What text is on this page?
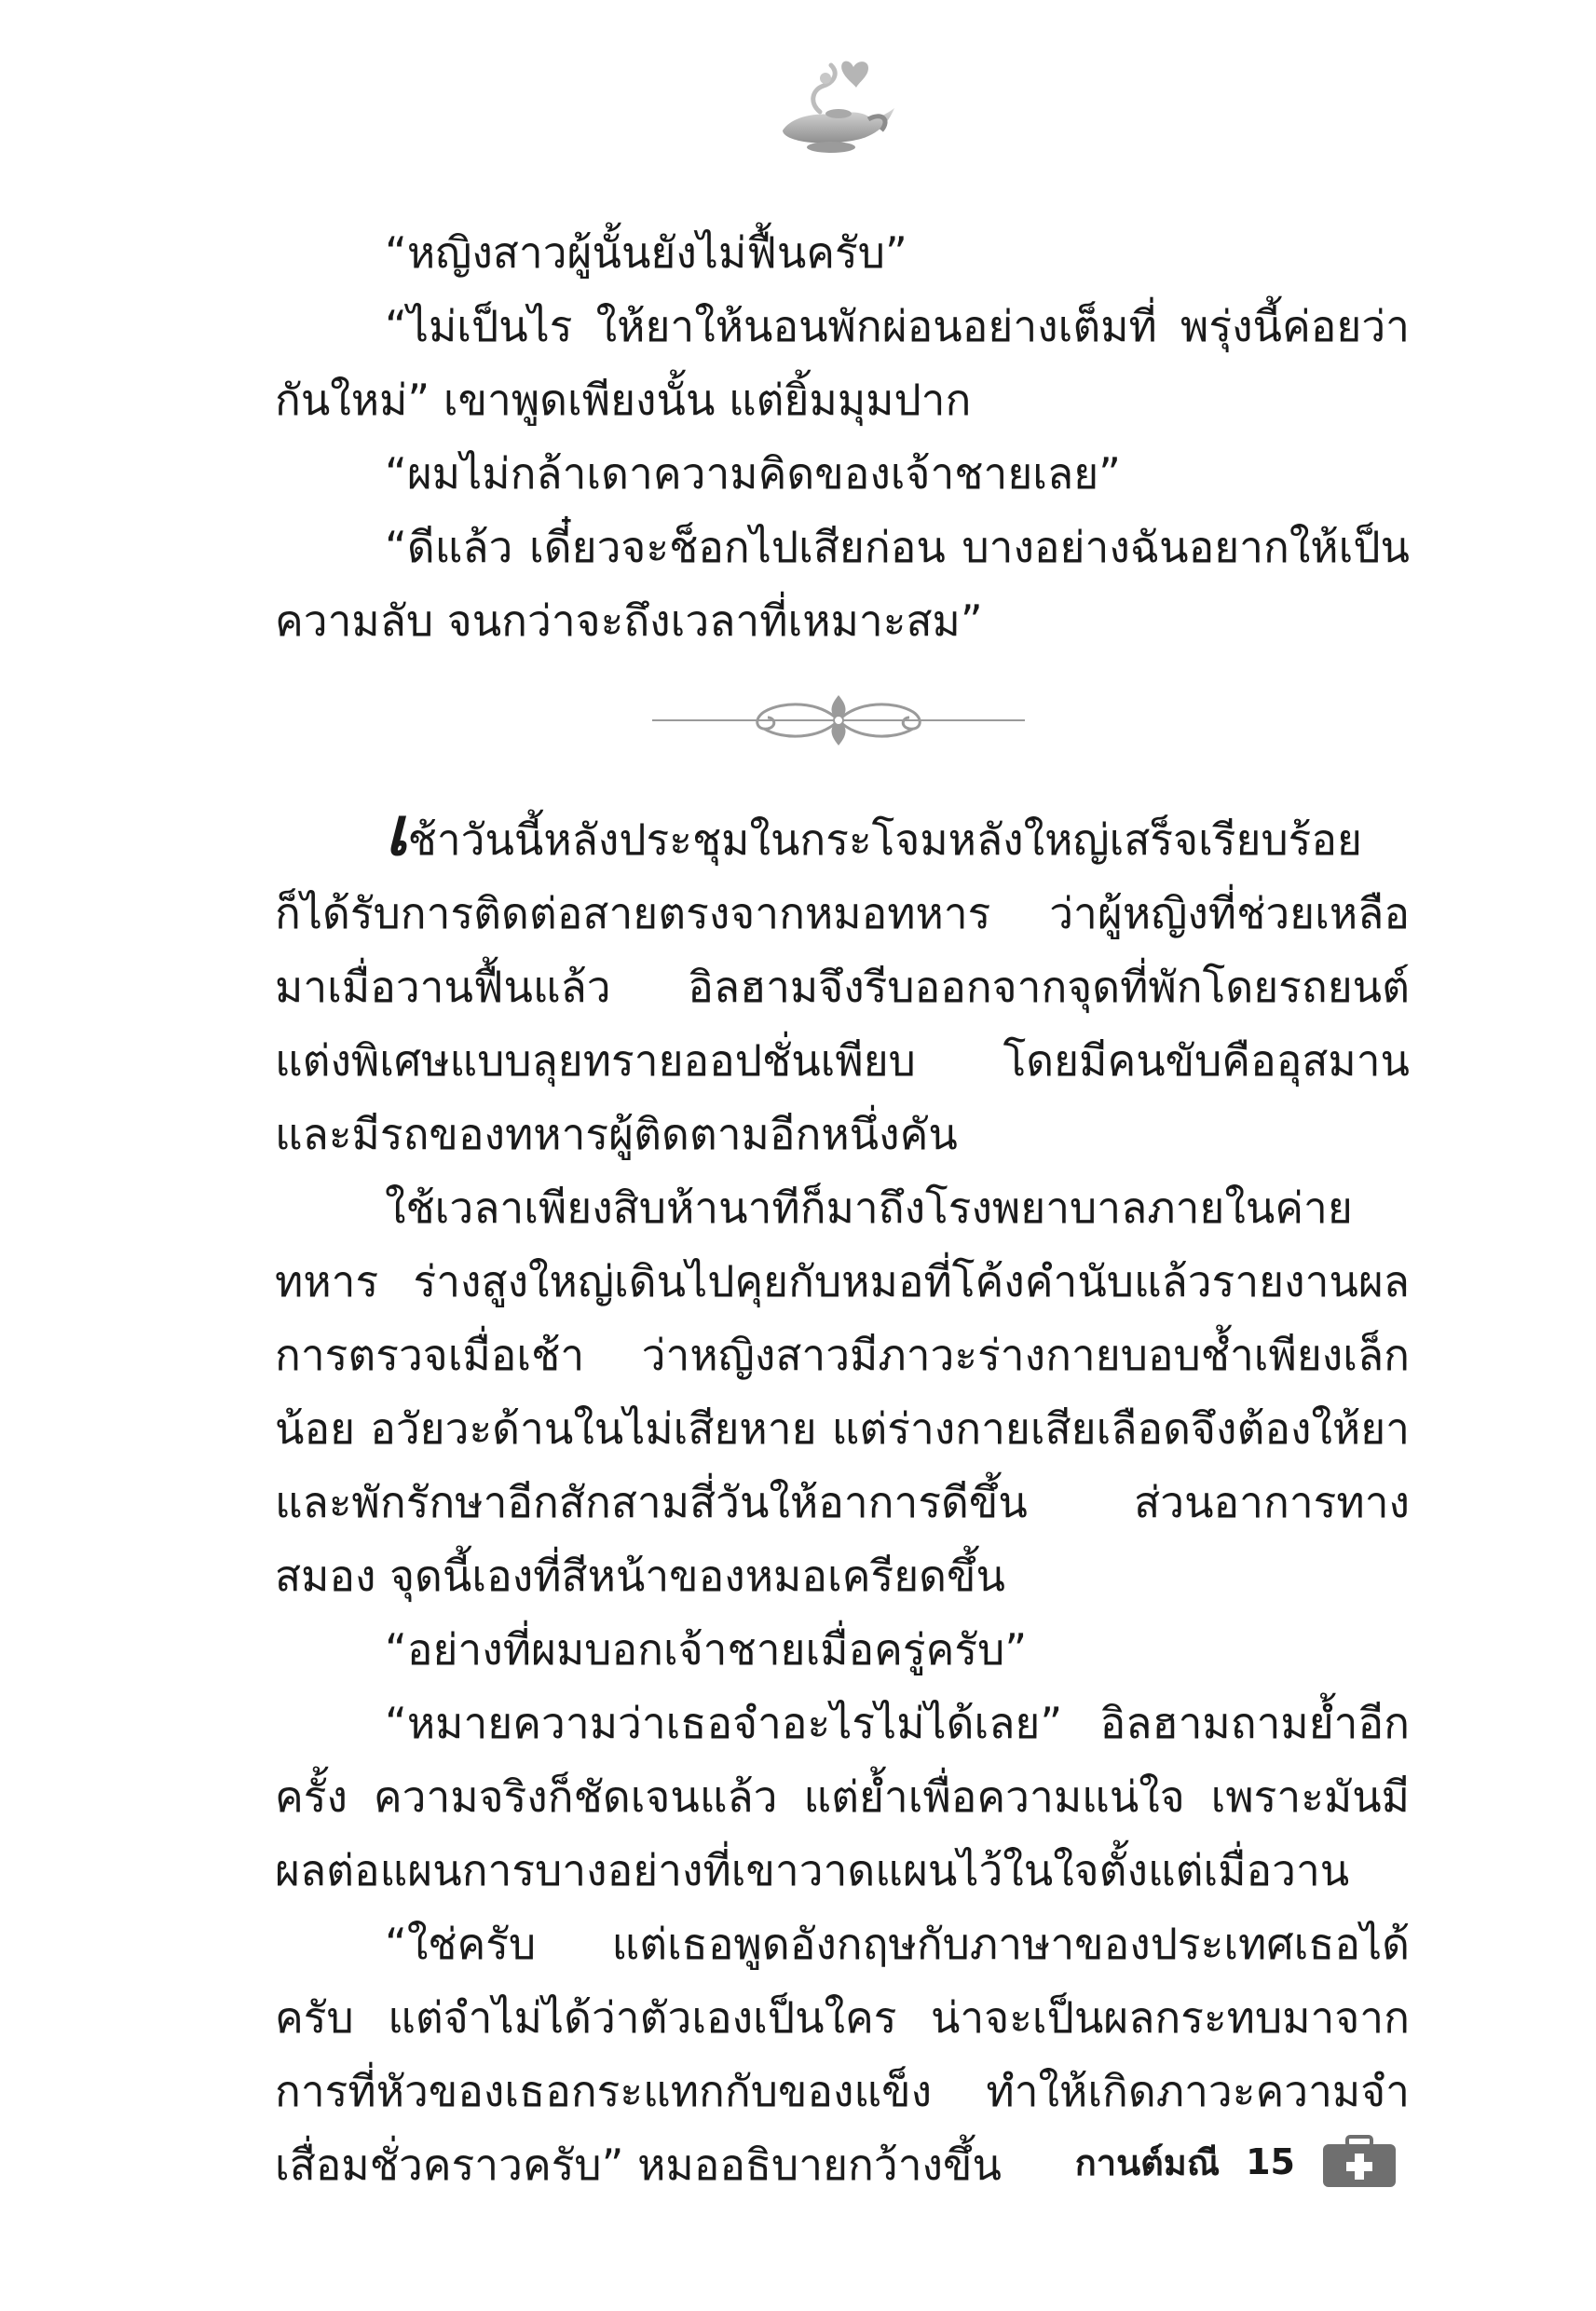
“หญิงสาวผู้นั้นยังไม่ฟื้นครับ”

“ไม่เป็นไร ให้ยาให้นอนพักผ่อนอย่างเต็มที่ พรุ่งนี้ค่อยว่ากันใหม่” เขาพูดเพียงนั้น แต่ยิ้มมุมปาก

“ผมไม่กล้าเดาความคิดของเจ้าชายเลย”

“ดีแล้ว เดี๋ยวจะช็อกไปเสียก่อน บางอย่างฉันอยากให้เป็นความลับ จนกว่าจะถึงเวลาที่เหมาะสม”

เช้าวันนี้หลังประชุมในกระโจมหลังใหญ่เสร็จเรียบร้อย ก็ได้รับการติดต่อสายตรงจากหมอทหาร ว่าผู้หญิงที่ช่วยเหลือมาเมื่อวานฟื้นแล้ว อิลฮามจึงรีบออกจากจุดที่พักโดยรถยนต์แต่งพิเศษแบบลุยทรายออปชั่นเพียบ โดยมีคนขับคืออุสมาน และมีรถของทหารผู้ติดตามอีกหนึ่งคัน

ใช้เวลาเพียงสิบห้านาทีก็มาถึงโรงพยาบาลภายในค่ายทหาร ร่างสูงใหญ่เดินไปคุยกับหมอที่โค้งคำนับแล้วรายงานผลการตรวจเมื่อเช้า ว่าหญิงสาวมีภาวะร่างกายบอบช้ำเพียงเล็กน้อย อวัยวะด้านในไม่เสียหาย แต่ร่างกายเสียเลือดจึงต้องให้ยาและพักรักษาอีกสักสามสี่วันให้อาการดีขึ้น ส่วนอาการทางสมอง จุดนี้เองที่สีหน้าของหมอเครียดขึ้น

“อย่างที่ผมบอกเจ้าชายเมื่อครู่ครับ”

“หมายความว่าเธอจำอะไรไม่ได้เลย” อิลฮามถามย้ำอีกครั้ง ความจริงก็ชัดเจนแล้ว แต่ย้ำเพื่อความแน่ใจ เพราะมันมีผลต่อแผนการบางอย่างที่เขาวาดแผนไว้ในใจตั้งแต่เมื่อวาน

“ใช่ครับ แต่เธอพูดอังกฤษกับภาษาของประเทศเธอได้ครับ แต่จำไม่ได้ว่าตัวเองเป็นใคร น่าจะเป็นผลกระทบมาจากการที่หัวของเธอกระแทกกับของแข็ง ทำให้เกิดภาวะความจำเสื่อมชั่วคราวครับ” หมออธิบายกว้างขึ้น	กานต์มณี 15
